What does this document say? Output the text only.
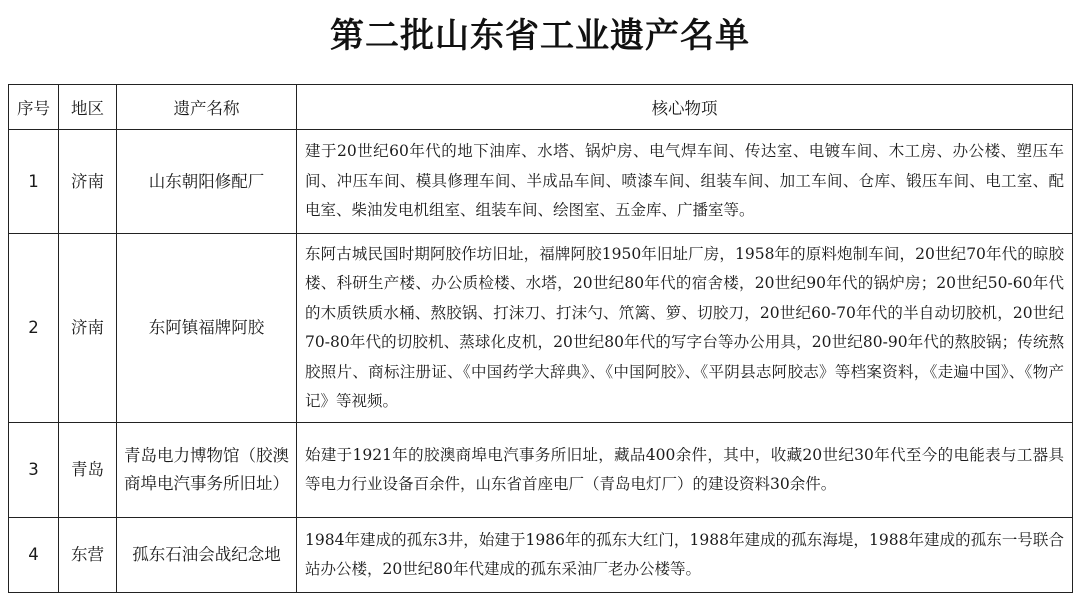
第二批山东省工业遗产名单
序号	地区	遗产名称	核心物项
1	济南	山东朝阳修配厂	建于20世纪60年代的地下油库、水塔、锅炉房、电气焊车间、传达室、电镀车间、木工房、办公楼、塑压车间、冲压车间、模具修理车间、半成品车间、喷漆车间、组装车间、加工车间、仓库、锻压车间、电工室、配电室、柴油发电机组室、组装车间、绘图室、五金库、广播室等。
2	济南	东阿镇福牌阿胶	东阿古城民国时期阿胶作坊旧址，福牌阿胶1950年旧址厂房，1958年的原料炮制车间，20世纪70年代的晾胶楼、科研生产楼、办公质检楼、水塔，20世纪80年代的宿舍楼，20世纪90年代的锅炉房；20世纪50-60年代的木质铁质水桶、熬胶锅、打沫刀、打沫勺、笊篱、箩、切胶刀，20世纪60-70年代的半自动切胶机，20世纪70-80年代的切胶机、蒸球化皮机，20世纪80年代的写字台等办公用具，20世纪80-90年代的熬胶锅；传统熬胶照片、商标注册证、《中国药学大辞典》、《中国阿胶》、《平阴县志阿胶志》等档案资料，《走遍中国》、《物产记》等视频。
3	青岛	青岛电力博物馆（胶澳商埠电汽事务所旧址）	始建于1921年的胶澳商埠电汽事务所旧址，藏品400余件，其中，收藏20世纪30年代至今的电能表与工器具等电力行业设备百余件，山东省首座电厂（青岛电灯厂）的建设资料30余件。
4	东营	孤东石油会战纪念地	1984年建成的孤东3井，始建于1986年的孤东大红门，1988年建成的孤东海堤，1988年建成的孤东一号联合站办公楼，20世纪80年代建成的孤东采油厂老办公楼等。
